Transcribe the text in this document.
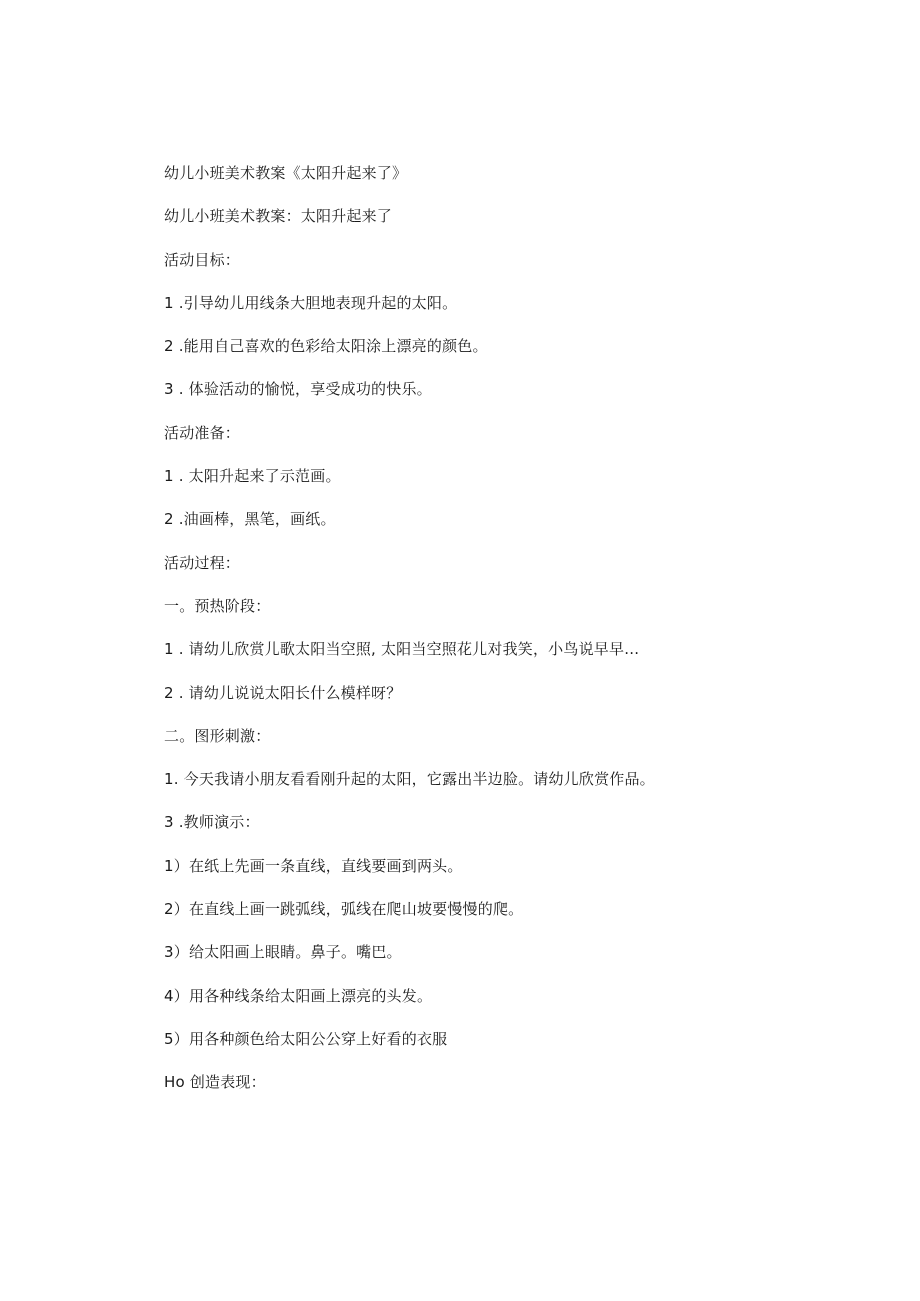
幼儿小班美术教案《太阳升起来了》
幼儿小班美术教案：太阳升起来了
活动目标：
1 .引导幼儿用线条大胆地表现升起的太阳。
2 .能用自己喜欢的色彩给太阳涂上漂亮的颜色。
3 . 体验活动的愉悦，享受成功的快乐。
活动准备：
1 . 太阳升起来了示范画。
2 .油画棒，黑笔，画纸。
活动过程：
一。预热阶段：
1 . 请幼儿欣赏儿歌太阳当空照, 太阳当空照花儿对我笑，小鸟说早早…
2 . 请幼儿说说太阳长什么模样呀？
二。图形刺激：
1. 今天我请小朋友看看刚升起的太阳，它露出半边脸。请幼儿欣赏作品。
3 .教师演示：
1）在纸上先画一条直线，直线要画到两头。
2）在直线上画一跳弧线，弧线在爬山坡要慢慢的爬。
3）给太阳画上眼睛。鼻子。嘴巴。
4）用各种线条给太阳画上漂亮的头发。
5）用各种颜色给太阳公公穿上好看的衣服
Ho 创造表现：
